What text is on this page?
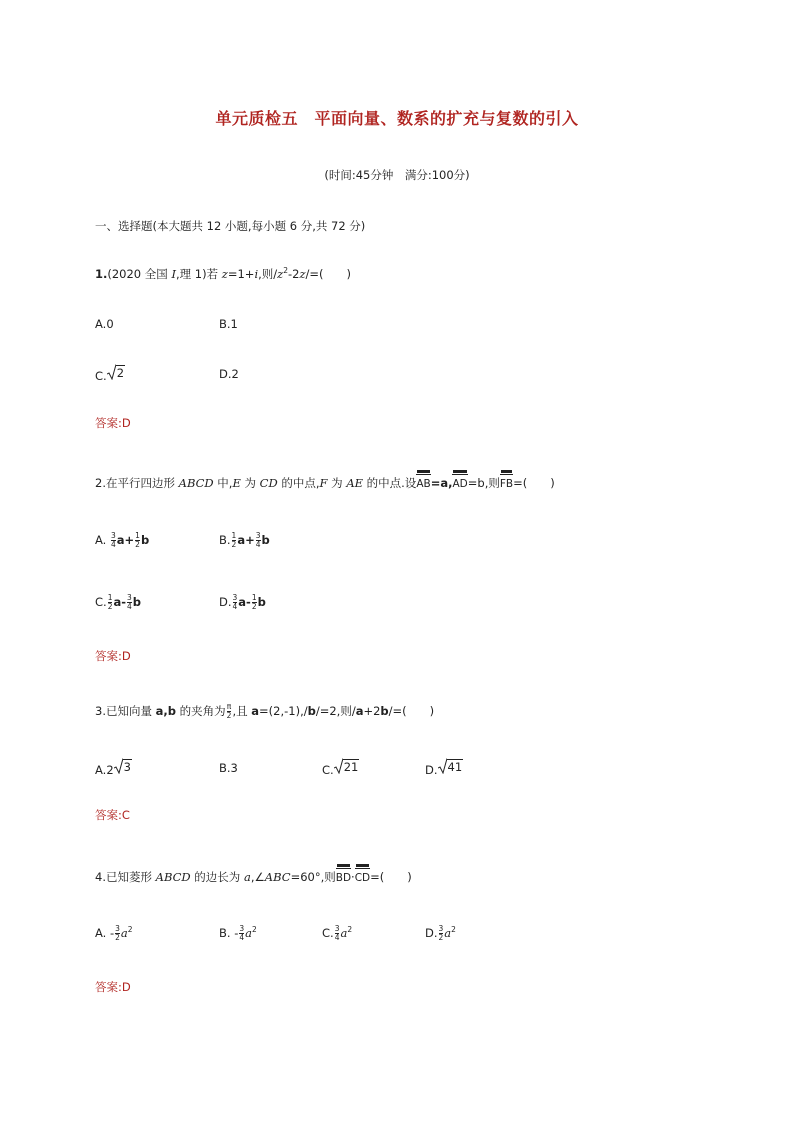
单元质检五　平面向量、数系的扩充与复数的引入
(时间:45分钟　满分:100分)
一、选择题(本大题共 12 小题,每小题 6 分,共 72 分)
1.(2020 全国 I,理 1)若 z=1+i,则$/z^2-2z/=$(　　)
A.0	B.1
C. 2	D.2
答案:D
2.在平行四边形 ABCD 中,E 为 CD 的中点,F 为 AE 的中点.设
AB=a,
AD=b,则
FB=(　　)
A. $\frac{3}{4} a+ \frac{1}{2}$ b	B. $\frac{1}{2} a+ \frac{3}{4}$ b
C. $\frac{1}{2} a- \frac{3}{4}$ b	D. $\frac{3}{4} a- \frac{1}{2}$ b
答案:D
3.已知向量 a,b 的夹角为 $\frac{\pi}{2}$ ,且 a=(2,-1),/b/=2,则/a+2b/=(　　)
A.2 3	B.3	C. 21	D. 41
答案:C
4.已知菱形 ABCD 的边长为 a,∠ABC=60°,则
BD·
CD=(　　)
A. - $\frac{3}{2} a^2$	B. - $\frac{3}{4} a^2$	C. $\frac{3}{4} a^2$	D. $\frac{3}{2} a^2$
答案:D
